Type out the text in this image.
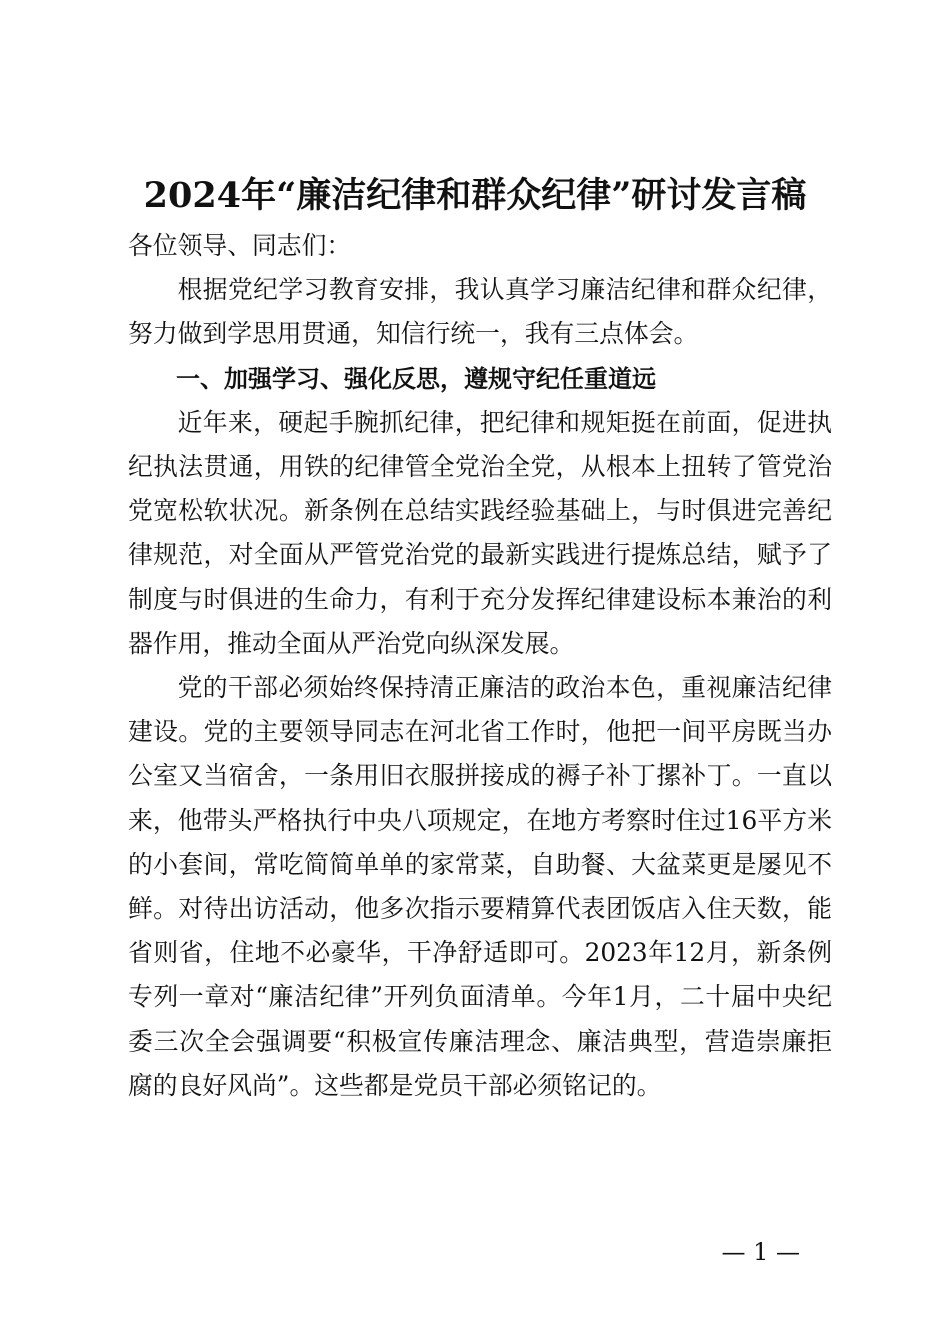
2024年“廉洁纪律和群众纪律”研讨发言稿

各位领导、同志们：

根据党纪学习教育安排，我认真学习廉洁纪律和群众纪律，努力做到学思用贯通，知信行统一，我有三点体会。

一、加强学习、强化反思，遵规守纪任重道远

近年来，硬起手腕抓纪律，把纪律和规矩挺在前面，促进执纪执法贯通，用铁的纪律管全党治全党，从根本上扭转了管党治党宽松软状况。新条例在总结实践经验基础上，与时俱进完善纪律规范，对全面从严管党治党的最新实践进行提炼总结，赋予了制度与时俱进的生命力，有利于充分发挥纪律建设标本兼治的利器作用，推动全面从严治党向纵深发展。

党的干部必须始终保持清正廉洁的政治本色，重视廉洁纪律建设。党的主要领导同志在河北省工作时，他把一间平房既当办公室又当宿舍，一条用旧衣服拼接成的褥子补丁摞补丁。一直以来，他带头严格执行中央八项规定，在地方考察时住过16平方米的小套间，常吃简简单单的家常菜，自助餐、大盆菜更是屡见不鲜。对待出访活动，他多次指示要精算代表团饭店入住天数，能省则省，住地不必豪华，干净舒适即可。2023年12月，新条例专列一章对“廉洁纪律”开列负面清单。今年1月，二十届中央纪委三次全会强调要“积极宣传廉洁理念、廉洁典型，营造崇廉拒腐的良好风尚”。这些都是党员干部必须铭记的。

— 1 —
